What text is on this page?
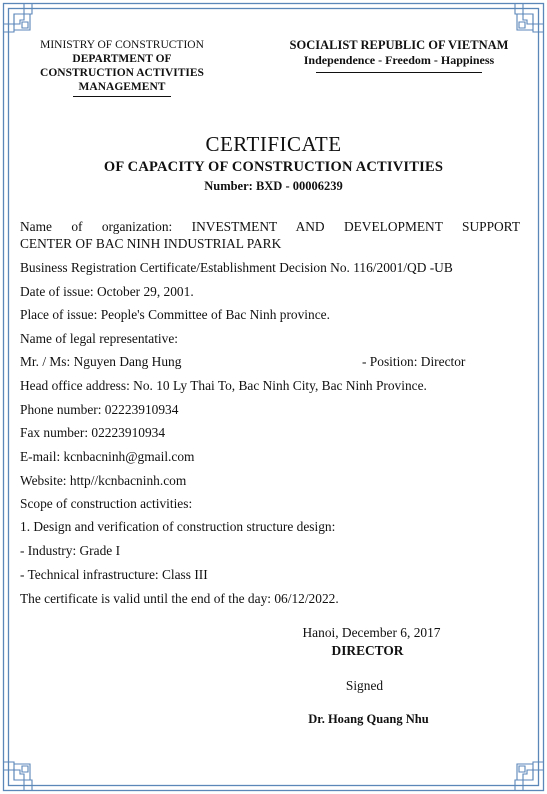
MINISTRY OF CONSTRUCTION
DEPARTMENT OF
CONSTRUCTION ACTIVITIES
MANAGEMENT
SOCIALIST REPUBLIC OF VIETNAM
Independence - Freedom - Happiness
CERTIFICATE
OF CAPACITY OF CONSTRUCTION ACTIVITIES
Number: BXD - 00006239
Name of organization: INVESTMENT AND DEVELOPMENT SUPPORT
CENTER OF BAC NINH INDUSTRIAL PARK
Business Registration Certificate/Establishment Decision No. 116/2001/QD -UB
Date of issue: October 29, 2001.
Place of issue: People's Committee of Bac Ninh province.
Name of legal representative:
Mr. / Ms: Nguyen Dang Hung	- Position: Director
Head office address: No. 10 Ly Thai To, Bac Ninh City, Bac Ninh Province.
Phone number: 02223910934
Fax number: 02223910934
E-mail: kcnbacninh@gmail.com
Website: http//kcnbacninh.com
Scope of construction activities:
1. Design and verification of construction structure design:
- Industry: Grade I
- Technical infrastructure: Class III
The certificate is valid until the end of the day: 06/12/2022.
Hanoi, December 6, 2017
DIRECTOR
Signed
Dr. Hoang Quang Nhu
